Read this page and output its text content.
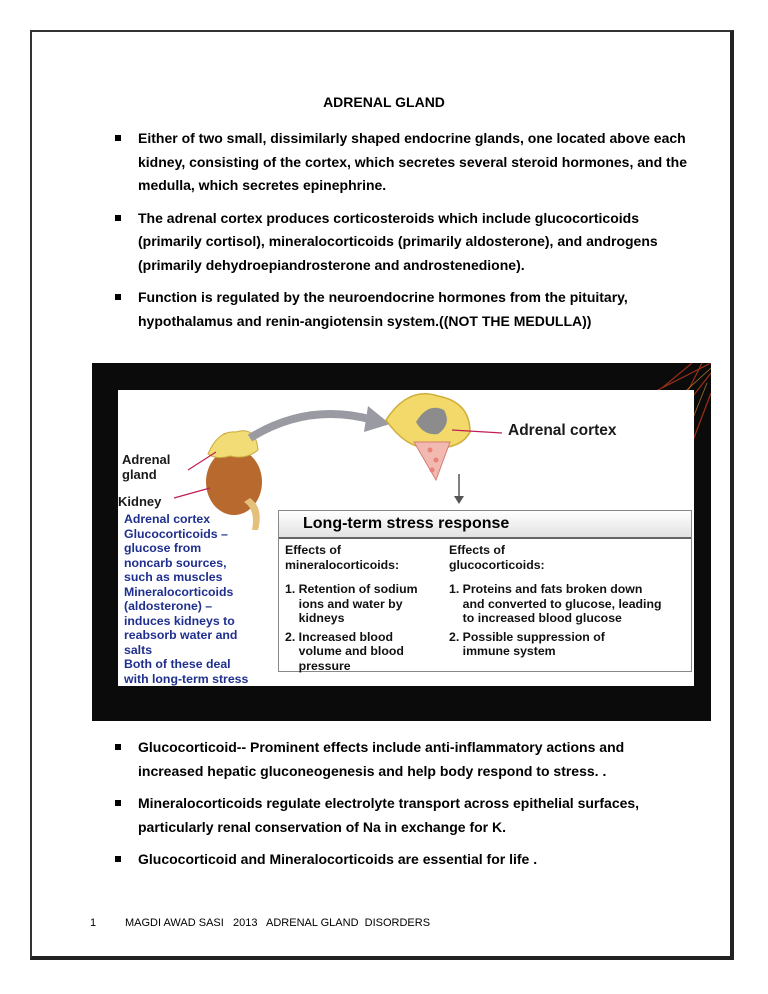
ADRENAL GLAND
Either of two small, dissimilarly shaped endocrine glands, one located above each kidney, consisting of the cortex, which secretes several steroid hormones, and the medulla, which secretes epinephrine.
The adrenal cortex produces corticosteroids which include glucocorticoids (primarily cortisol), mineralocorticoids (primarily aldosterone), and androgens (primarily dehydroepiandrosterone and androstenedione).
Function is regulated by the neuroendocrine hormones from the pituitary, hypothalamus and renin-angiotensin system.((NOT THE MEDULLA))
Adrenal
gland
Kidney
Adrenal cortex
Adrenal cortex
Glucocorticoids –
glucose from
noncarb sources,
such as muscles
Mineralocorticoids
(aldosterone) –
induces kidneys to
reabsorb water and
salts
Both of these deal
with long-term stress
Long-term stress response
Effects of
mineralocorticoids:
1. Retention of sodium
ions and water by
kidneys
2. Increased blood
volume and blood
pressure
Effects of
glucocorticoids:
1. Proteins and fats broken down
and converted to glucose, leading
to increased blood glucose
2. Possible suppression of
immune system
Glucocorticoid-- Prominent effects include anti-inflammatory actions and increased hepatic gluconeogenesis and help body respond to stress. .
Mineralocorticoids regulate electrolyte transport across epithelial surfaces, particularly renal conservation of Na in exchange for K.
Glucocorticoid and Mineralocorticoids are essential for life .
1	MAGDI AWAD SASI   2013   ADRENAL GLAND  DISORDERS
